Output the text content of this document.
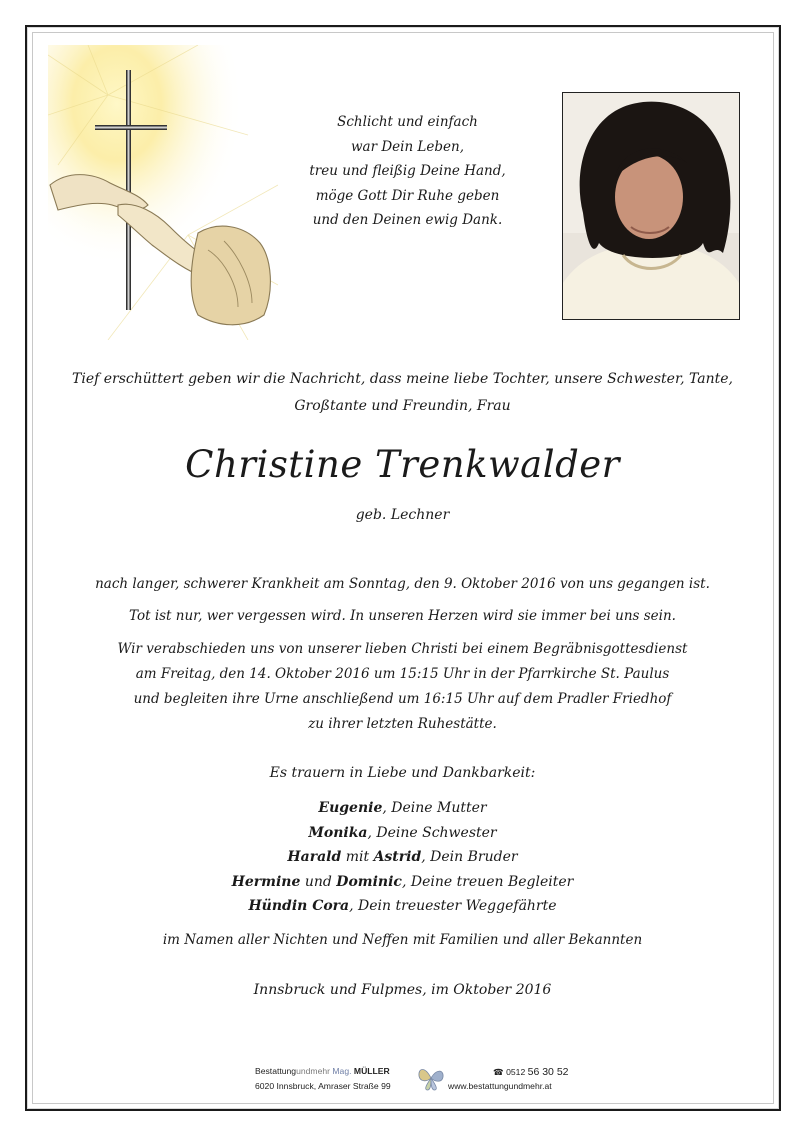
Schlicht und einfach
war Dein Leben,
treu und fleißig Deine Hand,
möge Gott Dir Ruhe geben
und den Deinen ewig Dank.
Tief erschüttert geben wir die Nachricht, dass meine liebe Tochter, unsere Schwester, Tante,
Großtante und Freundin, Frau
Christine Trenkwalder
geb. Lechner
nach langer, schwerer Krankheit am Sonntag, den 9. Oktober 2016 von uns gegangen ist.
Tot ist nur, wer vergessen wird. In unseren Herzen wird sie immer bei uns sein.
Wir verabschieden uns von unserer lieben Christi bei einem Begräbnisgottesdienst
am Freitag, den 14. Oktober 2016 um 15:15 Uhr in der Pfarrkirche St. Paulus
und begleiten ihre Urne anschließend um 16:15 Uhr auf dem Pradler Friedhof
zu ihrer letzten Ruhestätte.
Es trauern in Liebe und Dankbarkeit:
Eugenie, Deine Mutter
Monika, Deine Schwester
Harald mit Astrid, Dein Bruder
Hermine und Dominic, Deine treuen Begleiter
Hündin Cora, Dein treuester Weggefährte
im Namen aller Nichten und Neffen mit Familien und aller Bekannten
Innsbruck und Fulpmes, im Oktober 2016
Bestattungundmehr Mag. MÜLLER
6020 Innsbruck, Amraser Straße 99
☎ 0512 56 30 52
www.bestattungundmehr.at
